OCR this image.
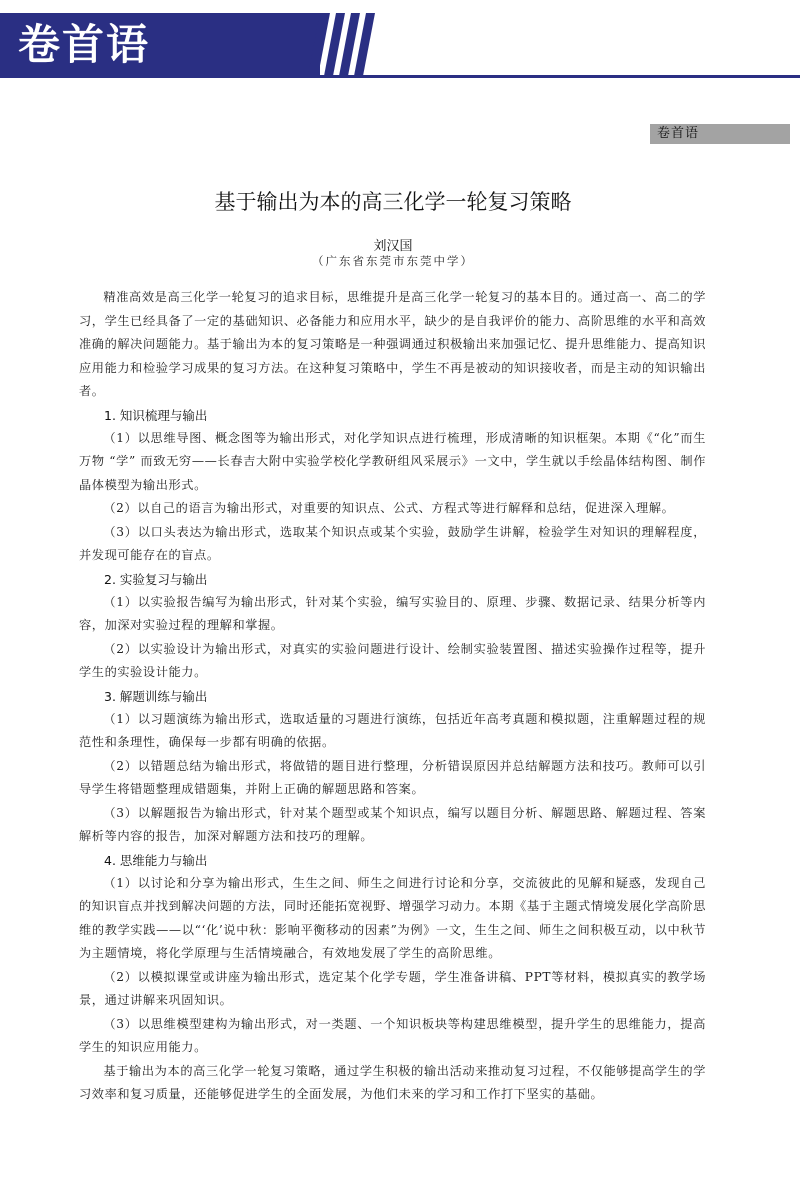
卷首语
卷首语
基于输出为本的高三化学一轮复习策略
刘汉国
（广东省东莞市东莞中学）

精准高效是高三化学一轮复习的追求目标，思维提升是高三化学一轮复习的基本目的。通过高一、高二的学习，学生已经具备了一定的基础知识、必备能力和应用水平，缺少的是自我评价的能力、高阶思维的水平和高效准确的解决问题能力。基于输出为本的复习策略是一种强调通过积极输出来加强记忆、提升思维能力、提高知识应用能力和检验学习成果的复习方法。在这种复习策略中，学生不再是被动的知识接收者，而是主动的知识输出者。

1. 知识梳理与输出

（1）以思维导图、概念图等为输出形式，对化学知识点进行梳理，形成清晰的知识框架。本期《“化”而生万物 “学” 而致无穷——长春吉大附中实验学校化学教研组风采展示》一文中，学生就以手绘晶体结构图、制作晶体模型为输出形式。

（2）以自己的语言为输出形式，对重要的知识点、公式、方程式等进行解释和总结，促进深入理解。

（3）以口头表达为输出形式，选取某个知识点或某个实验，鼓励学生讲解，检验学生对知识的理解程度，并发现可能存在的盲点。

2. 实验复习与输出

（1）以实验报告编写为输出形式，针对某个实验，编写实验目的、原理、步骤、数据记录、结果分析等内容，加深对实验过程的理解和掌握。

（2）以实验设计为输出形式，对真实的实验问题进行设计、绘制实验装置图、描述实验操作过程等，提升学生的实验设计能力。

3. 解题训练与输出

（1）以习题演练为输出形式，选取适量的习题进行演练，包括近年高考真题和模拟题，注重解题过程的规范性和条理性，确保每一步都有明确的依据。

（2）以错题总结为输出形式，将做错的题目进行整理，分析错误原因并总结解题方法和技巧。教师可以引导学生将错题整理成错题集，并附上正确的解题思路和答案。

（3）以解题报告为输出形式，针对某个题型或某个知识点，编写以题目分析、解题思路、解题过程、答案解析等内容的报告，加深对解题方法和技巧的理解。

4. 思维能力与输出

（1）以讨论和分享为输出形式，生生之间、师生之间进行讨论和分享，交流彼此的见解和疑惑，发现自己的知识盲点并找到解决问题的方法，同时还能拓宽视野、增强学习动力。本期《基于主题式情境发展化学高阶思维的教学实践——以“‘化’说中秋：影响平衡移动的因素”为例》一文，生生之间、师生之间积极互动，以中秋节为主题情境，将化学原理与生活情境融合，有效地发展了学生的高阶思维。

（2）以模拟课堂或讲座为输出形式，选定某个化学专题，学生准备讲稿、PPT等材料，模拟真实的教学场景，通过讲解来巩固知识。

（3）以思维模型建构为输出形式，对一类题、一个知识板块等构建思维模型，提升学生的思维能力，提高学生的知识应用能力。

基于输出为本的高三化学一轮复习策略，通过学生积极的输出活动来推动复习过程，不仅能够提高学生的学习效率和复习质量，还能够促进学生的全面发展，为他们未来的学习和工作打下坚实的基础。
